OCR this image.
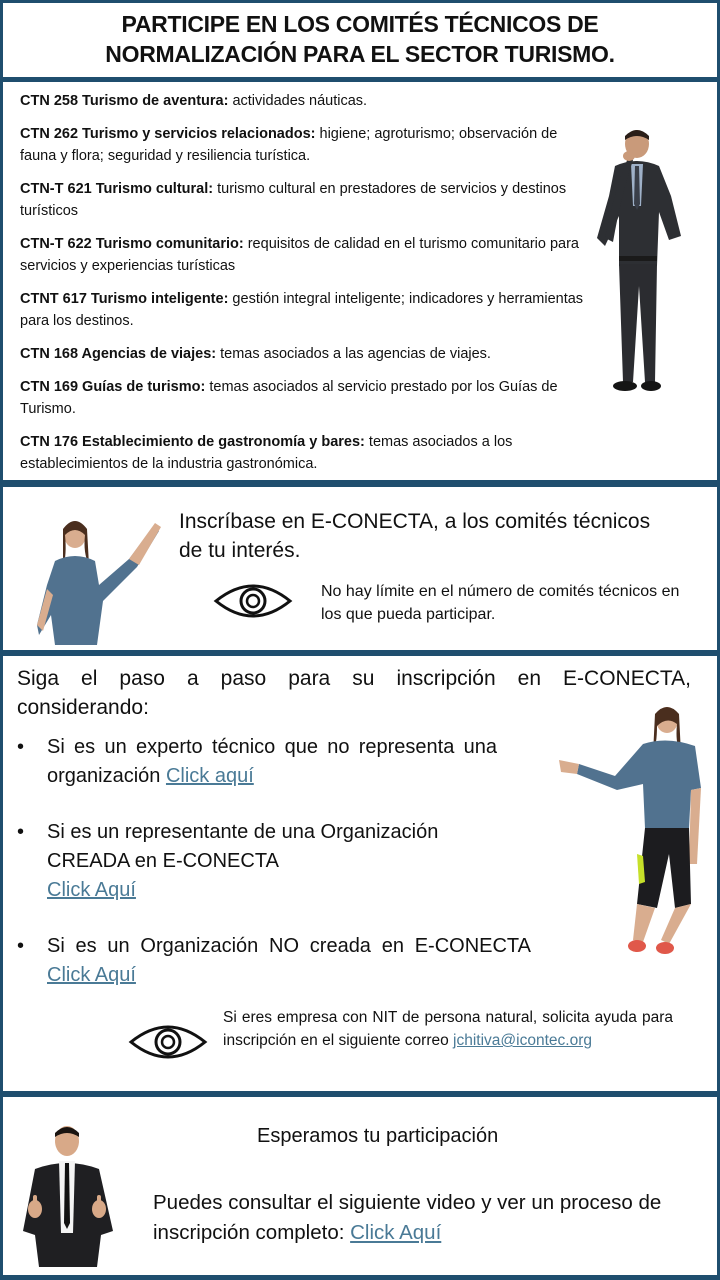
PARTICIPE EN LOS COMITÉS TÉCNICOS DE
NORMALIZACIÓN PARA EL SECTOR TURISMO.
CTN 258 Turismo de aventura: actividades náuticas.
CTN 262 Turismo y servicios relacionados: higiene; agroturismo; observación de fauna y flora; seguridad y resiliencia turística.
CTN-T 621 Turismo cultural: turismo cultural en prestadores de servicios y destinos turísticos
CTN-T 622 Turismo comunitario: requisitos de calidad en el turismo comunitario para servicios y experiencias turísticas
CTNT 617 Turismo inteligente: gestión integral inteligente; indicadores y herramientas para los destinos.
CTN 168 Agencias de viajes: temas asociados a las agencias de viajes.
CTN 169 Guías de turismo: temas asociados al servicio prestado por los Guías de Turismo.
CTN 176 Establecimiento de gastronomía y bares: temas asociados a los establecimientos de la industria gastronómica.
Inscríbase en E-CONECTA, a los comités técnicos de tu interés.
No hay límite en el número de comités técnicos en los que pueda participar.
Siga el paso a paso para su inscripción en E-CONECTA,
considerando:
• Si es un experto técnico que no representa una organización Click aquí
• Si es un representante de una Organización CREADA en E-CONECTA
Click Aquí
• Si es un Organización NO creada en E-CONECTA Click Aquí
Si eres empresa con NIT de persona natural, solicita ayuda para inscripción en el siguiente correo jchitiva@icontec.org
Esperamos tu participación
Puedes consultar el siguiente video y ver un proceso de inscripción completo: Click Aquí
